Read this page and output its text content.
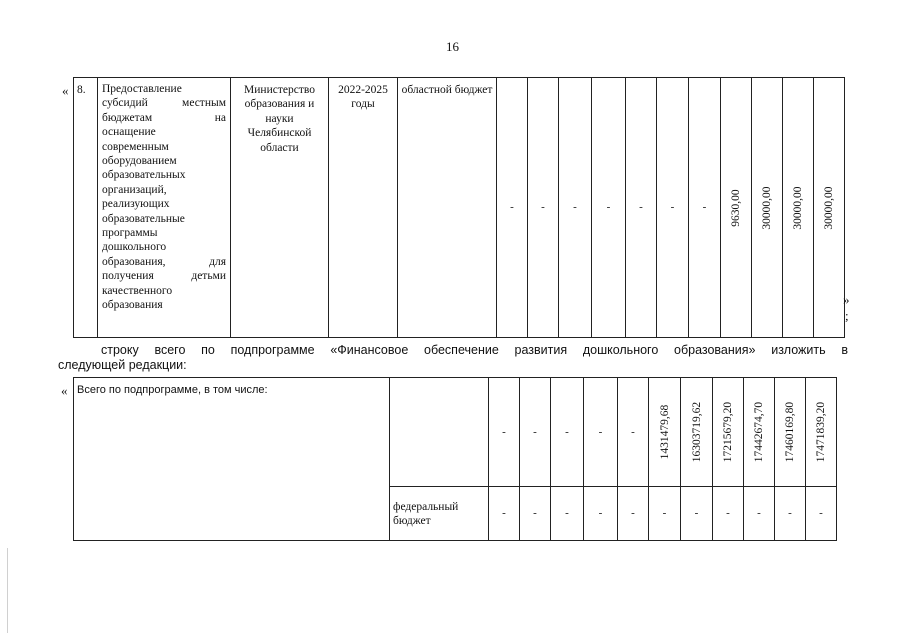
16
« 8.	Предоставление
субсидий местным
бюджетам на
оснащение
современным
оборудованием
образовательных
организаций,
реализующих
образовательные
программы
дошкольного
образования, для
получения детьми
качественного
образования
	Министерство образования и науки Челябинской области	2022-2025 годы	областной бюджет	-	-	-	-	-	-	-	9630,00	30000,00	30000,00	30000,00
»
;
строку всего по подпрограмме «Финансовое обеспечение развития дошкольного образования» изложить в
следующей редакции:
« Всего по подпрограмме, в том числе:		-	-	-	-	-	1431479,68	16303719,62	17215679,20	17442674,70	17460169,80	17471839,20

	федеральный бюджет	-	-	-	-	-	-	-	-	-	-	-
